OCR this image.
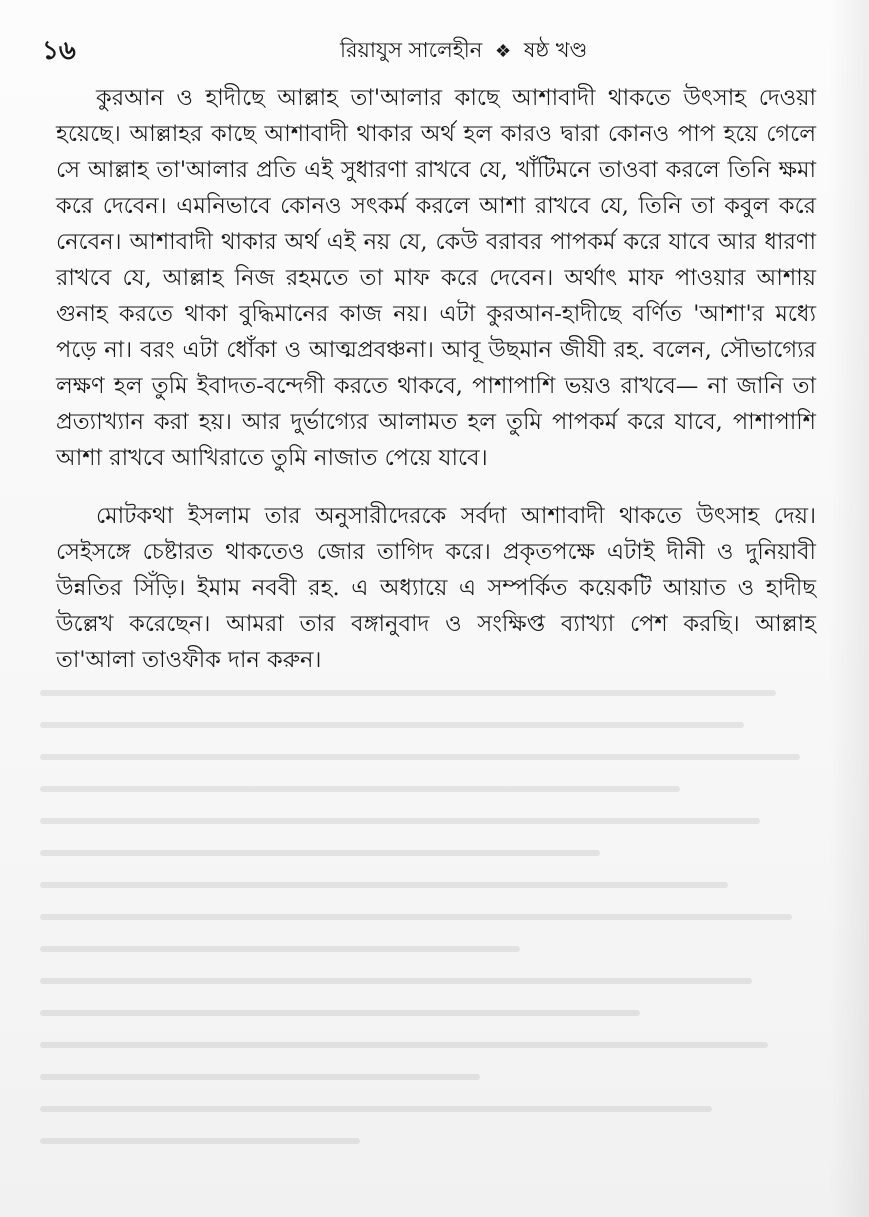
১৬	রিয়াযুস সালেহীন ❖ ষষ্ঠ খণ্ড

কুরআন ও হাদীছে আল্লাহ তা'আলার কাছে আশাবাদী থাকতে উৎসাহ দেওয়া হয়েছে। আল্লাহর কাছে আশাবাদী থাকার অর্থ হল কারও দ্বারা কোনও পাপ হয়ে গেলে সে আল্লাহ তা'আলার প্রতি এই সুধারণা রাখবে যে, খাঁটিমনে তাওবা করলে তিনি ক্ষমা করে দেবেন। এমনিভাবে কোনও সৎকর্ম করলে আশা রাখবে যে, তিনি তা কবুল করে নেবেন। আশাবাদী থাকার অর্থ এই নয় যে, কেউ বরাবর পাপকর্ম করে যাবে আর ধারণা রাখবে যে, আল্লাহ নিজ রহমতে তা মাফ করে দেবেন। অর্থাৎ মাফ পাওয়ার আশায় গুনাহ করতে থাকা বুদ্ধিমানের কাজ নয়। এটা কুরআন-হাদীছে বর্ণিত 'আশা'র মধ্যে পড়ে না। বরং এটা ধোঁকা ও আত্মপ্রবঞ্চনা। আবূ উছমান জীযী রহ. বলেন, সৌভাগ্যের লক্ষণ হল তুমি ইবাদত-বন্দেগী করতে থাকবে, পাশাপাশি ভয়ও রাখবে— না জানি তা প্রত্যাখ্যান করা হয়। আর দুর্ভাগ্যের আলামত হল তুমি পাপকর্ম করে যাবে, পাশাপাশি আশা রাখবে আখিরাতে তুমি নাজাত পেয়ে যাবে।

মোটকথা ইসলাম তার অনুসারীদেরকে সর্বদা আশাবাদী থাকতে উৎসাহ দেয়। সেইসঙ্গে চেষ্টারত থাকতেও জোর তাগিদ করে। প্রকৃতপক্ষে এটাই দীনী ও দুনিয়াবী উন্নতির সিঁড়ি। ইমাম নববী রহ. এ অধ্যায়ে এ সম্পর্কিত কয়েকটি আয়াত ও হাদীছ উল্লেখ করেছেন। আমরা তার বঙ্গানুবাদ ও সংক্ষিপ্ত ব্যাখ্যা পেশ করছি। আল্লাহ তা'আলা তাওফীক দান করুন।
